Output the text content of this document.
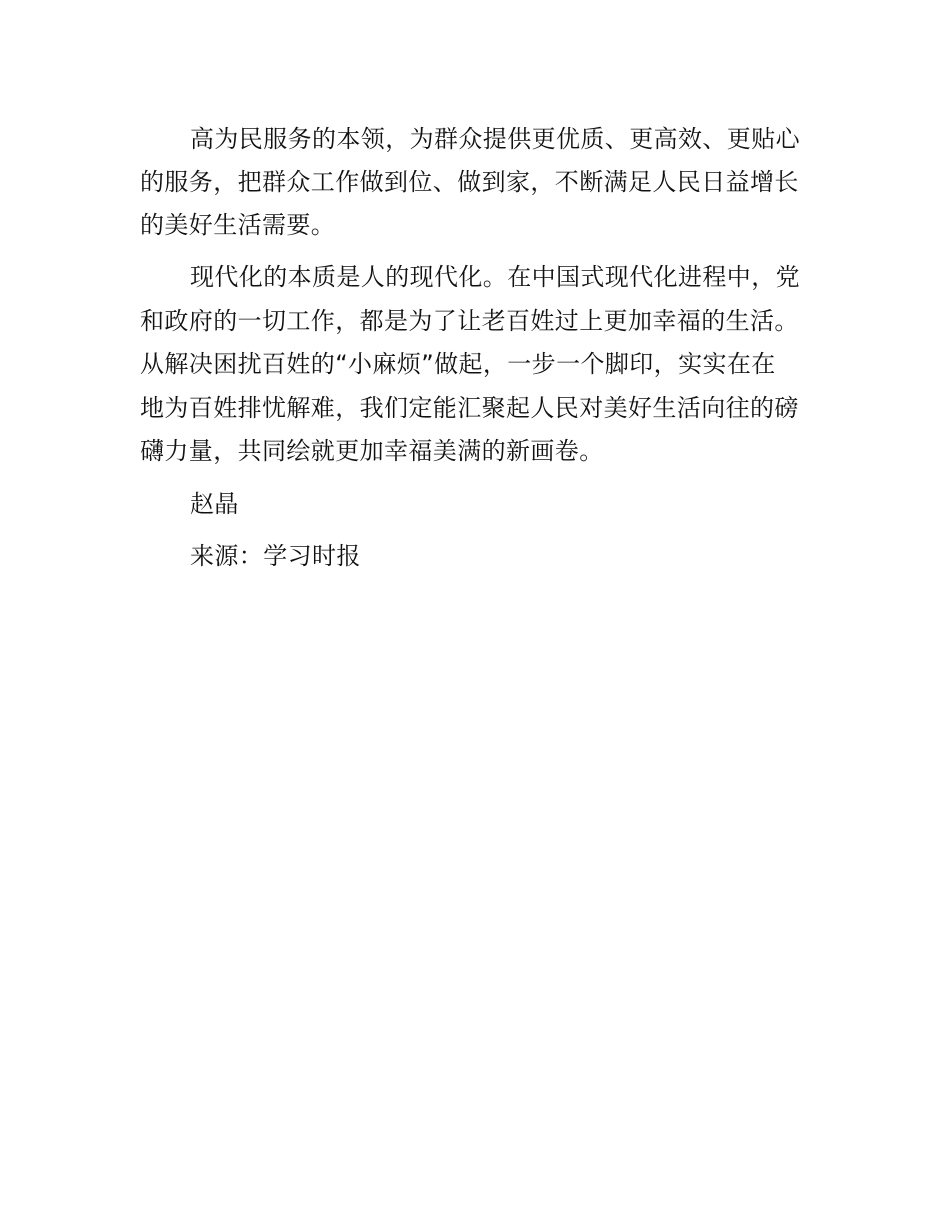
高为民服务的本领，为群众提供更优质、更高效、更贴心
的服务，把群众工作做到位、做到家，不断满足人民日益增长
的美好生活需要。
现代化的本质是人的现代化。在中国式现代化进程中，党
和政府的一切工作，都是为了让老百姓过上更加幸福的生活。
从解决困扰百姓的“小麻烦”做起，一步一个脚印，实实在在
地为百姓排忧解难，我们定能汇聚起人民对美好生活向往的磅
礴力量，共同绘就更加幸福美满的新画卷。
赵晶
来源：学习时报
